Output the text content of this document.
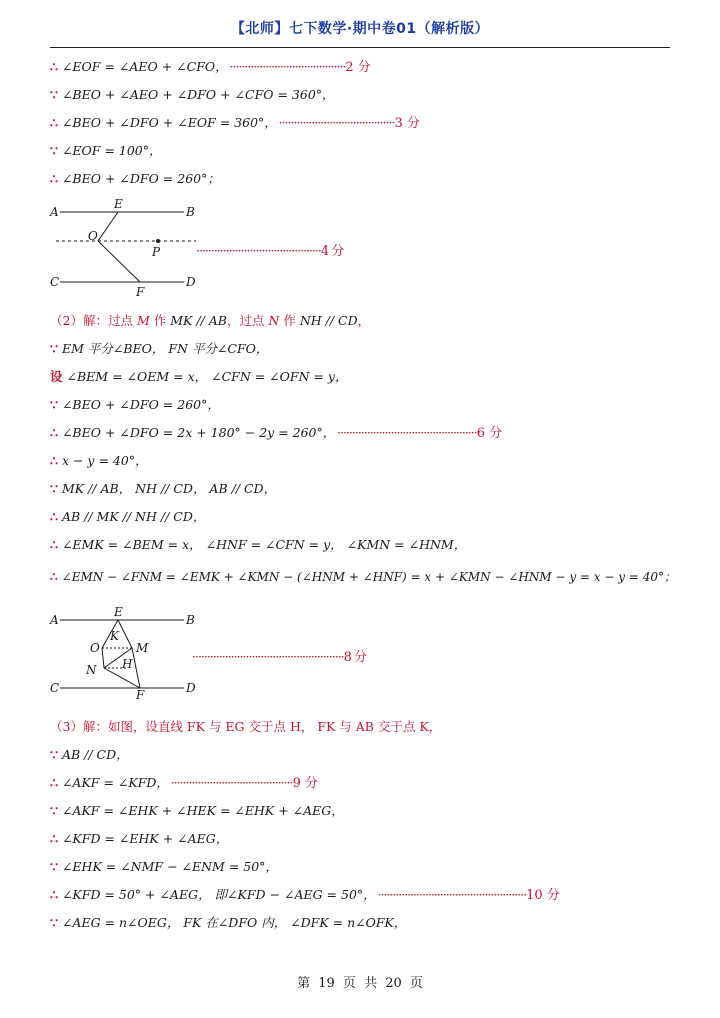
【北师】七下数学·期中卷01（解析版）
∴ ∠EOF = ∠AEO + ∠CFO， ·······································2 分
∵ ∠BEO + ∠AEO + ∠DFO + ∠CFO = 360°，
∴ ∠BEO + ∠DFO + ∠EOF = 360°， ·······································3 分
∵ ∠EOF = 100°，
∴ ∠BEO + ∠DFO = 260°；
A	B
E
O
P
C	D
F
··········································4 分
（2）解：过点 M 作 MK // AB，过点 N 作 NH // CD，
∵ EM 平分∠BEO， FN 平分∠CFO，
设 ∠BEM = ∠OEM = x， ∠CFN = ∠OFN = y，
∵ ∠BEO + ∠DFO = 260°，
∴ ∠BEO + ∠DFO = 2x + 180° − 2y = 260°， ···············································6 分
∴ x − y = 40°，
∵ MK // AB， NH // CD， AB // CD，
∴ AB // MK // NH // CD，
∴ ∠EMK = ∠BEM = x， ∠HNF = ∠CFN = y， ∠KMN = ∠HNM，
∴ ∠EMN − ∠FNM = ∠EMK + ∠KMN − (∠HNM + ∠HNF) = x + ∠KMN − ∠HNM − y = x − y = 40°；
A	B
E
K
O	M
N H
C	D
F
···················································8 分
（3）解：如图，设直线 FK 与 EG 交于点 H， FK 与 AB 交于点 K，
∵ AB // CD，
∴ ∠AKF = ∠KFD， ·········································9 分
∵ ∠AKF = ∠EHK + ∠HEK = ∠EHK + ∠AEG，
∴ ∠KFD = ∠EHK + ∠AEG，
∵ ∠EHK = ∠NMF − ∠ENM = 50°，
∴ ∠KFD = 50° + ∠AEG， 即∠KFD − ∠AEG = 50°， ··················································10 分
∵ ∠AEG = n∠OEG， FK 在∠DFO 内， ∠DFK = n∠OFK，
第 19 页 共 20 页
